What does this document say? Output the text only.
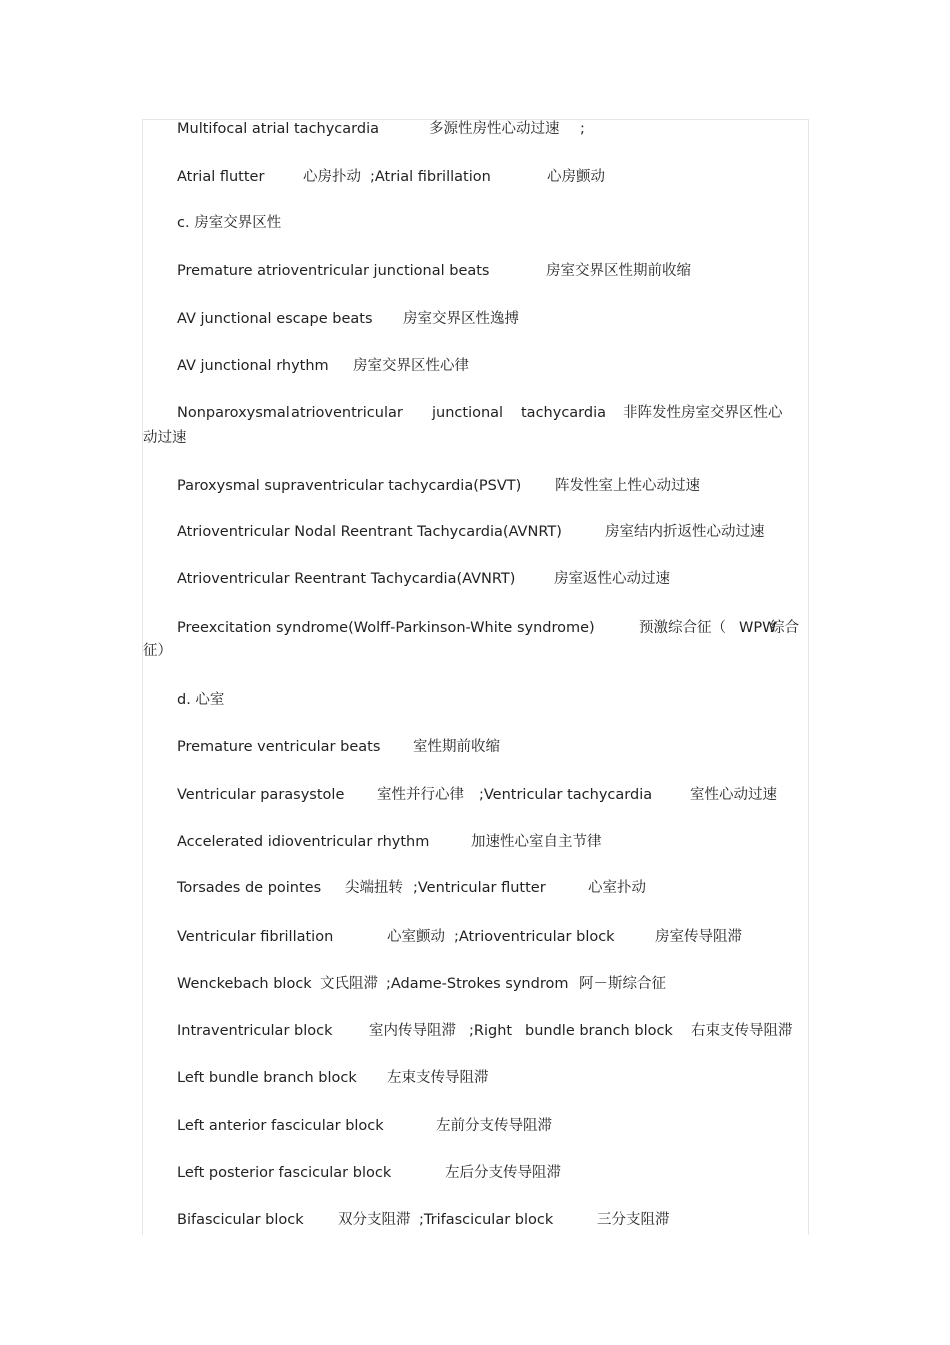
Multifocal atrial tachycardia	多源性房性心动过速 ;
Atrial flutter	心房扑动 ;Atrial fibrillation	心房颤动
c. 房室交界区性
Premature atrioventricular junctional beats	房室交界区性期前收缩
AV junctional escape beats 房室交界区性逸搏
AV junctional rhythm 房室交界区性心律
Nonparoxysmal atrioventricular junctional tachycardia 非阵发性房室交界区性心
动过速
Paroxysmal supraventricular tachycardia(PSVT) 阵发性室上性心动过速
Atrioventricular Nodal Reentrant Tachycardia(AVNRT)	房室结内折返性心动过速
Atrioventricular Reentrant Tachycardia(AVNRT)	房室返性心动过速
Preexcitation syndrome(Wolff-Parkinson-White syndrome)	预激综合征（ WPW
综合
征）
d. 心室
Premature ventricular beats 室性期前收缩
Ventricular parasystole 室性并行心律 ;Ventricular tachycardia	室性心动过速
Accelerated idioventricular rhythm	加速性心室自主节律
Torsades de pointes 尖端扭转 ;Ventricular flutter	心室扑动
Ventricular fibrillation	心室颤动 ;Atrioventricular block	房室传导阻滞
Wenckebach block 文氏阻滞 ;Adame-Strokes syndrom 阿－斯综合征
Intraventricular block	室内传导阻滞 ;Right bundle branch block 右束支传导阻滞
Left bundle branch block 左束支传导阻滞
Left anterior fascicular block	左前分支传导阻滞
Left posterior fascicular block	左后分支传导阻滞
Bifascicular block 双分支阻滞 ;Trifascicular block	三分支阻滞
